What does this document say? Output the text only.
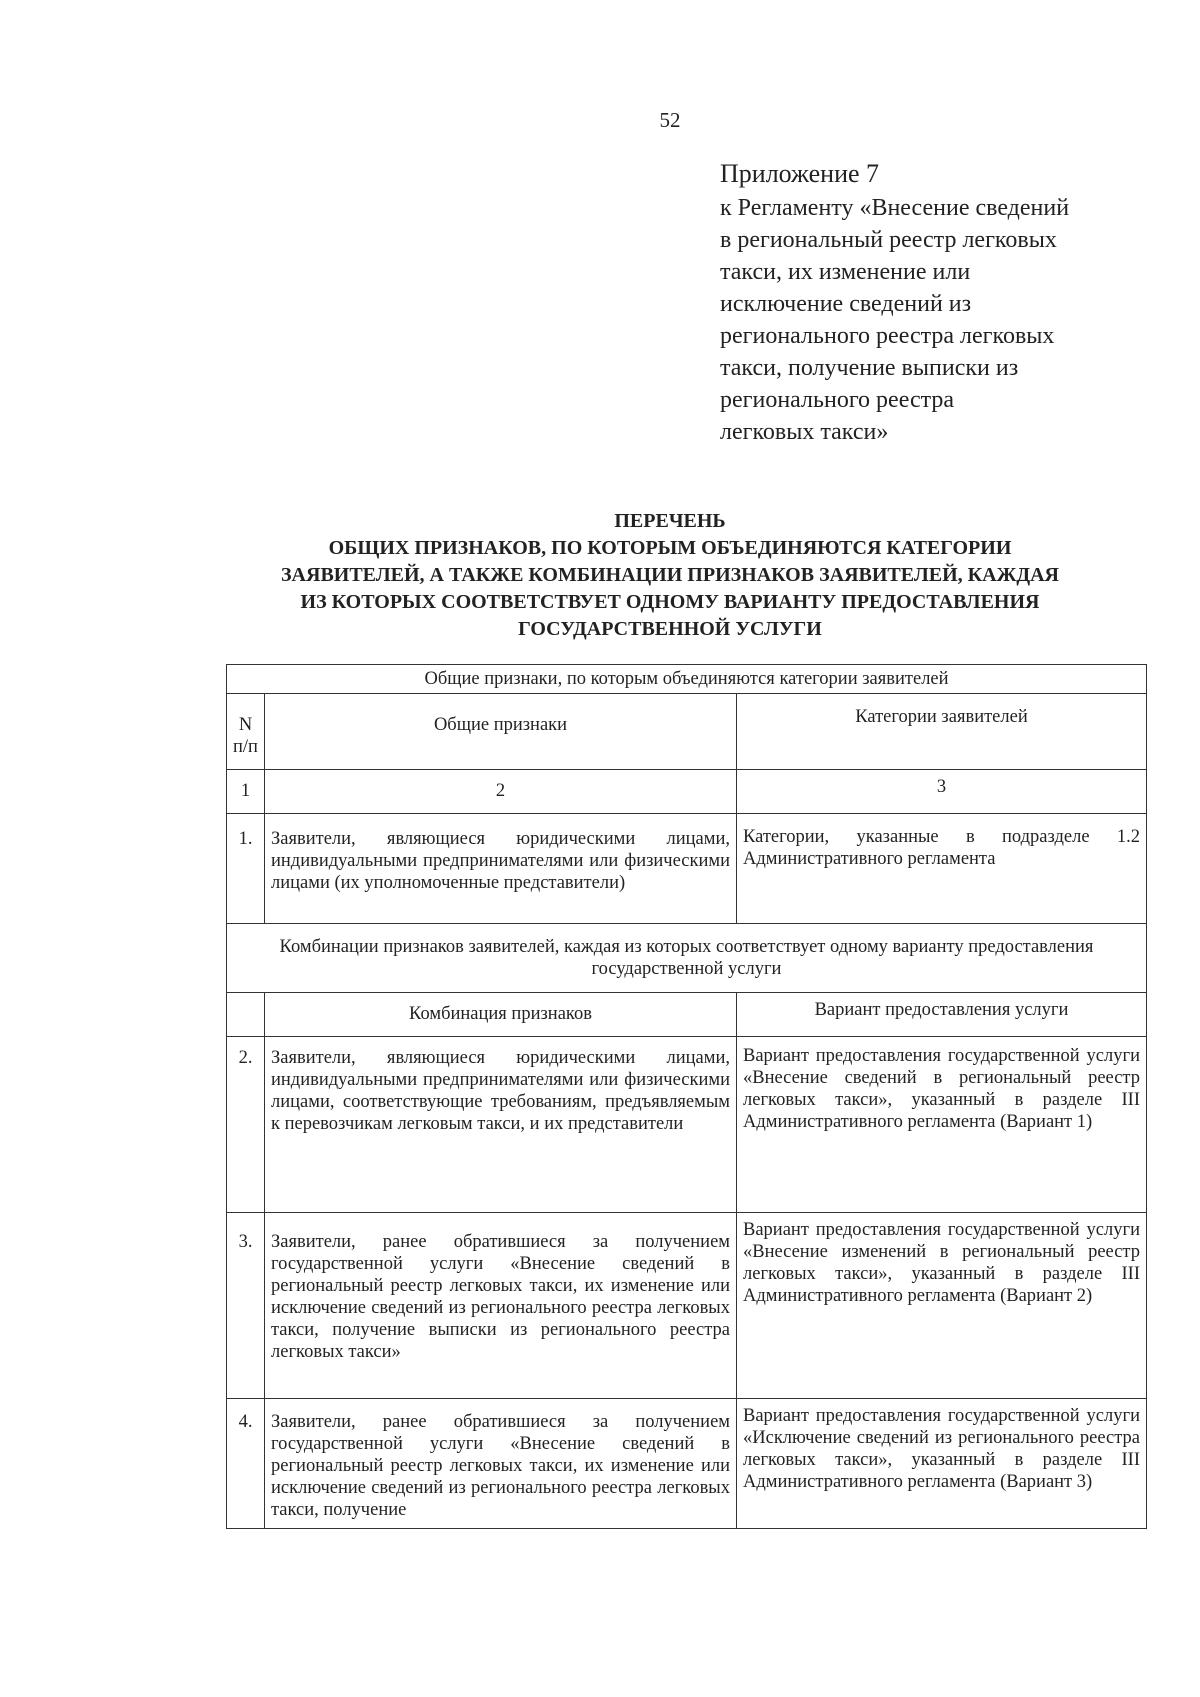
52
Приложение 7
к Регламенту «Внесение сведений
в региональный реестр легковых
такси, их изменение или
исключение сведений из
регионального реестра легковых
такси, получение выписки из
регионального реестра
легковых такси»
ПЕРЕЧЕНЬ
ОБЩИХ ПРИЗНАКОВ, ПО КОТОРЫМ ОБЪЕДИНЯЮТСЯ КАТЕГОРИИ
ЗАЯВИТЕЛЕЙ, А ТАКЖЕ КОМБИНАЦИИ ПРИЗНАКОВ ЗАЯВИТЕЛЕЙ, КАЖДАЯ
ИЗ КОТОРЫХ СООТВЕТСТВУЕТ ОДНОМУ ВАРИАНТУ ПРЕДОСТАВЛЕНИЯ
ГОСУДАРСТВЕННОЙ УСЛУГИ
Общие признаки, по которым объединяются категории заявителей		
N п/п	Общие признаки	Категории заявителей
1	2	3
1.	Заявители, являющиеся юридическими лицами, индивидуальными предпринимателями или физическими лицами (их уполномоченные представители)	Категории, указанные в подразделе 1.2 Административного регламента
Комбинации признаков заявителей, каждая из которых соответствует одному варианту предоставления государственной услуги		
	Комбинация признаков	Вариант предоставления услуги
2.	Заявители, являющиеся юридическими лицами, индивидуальными предпринимателями или физическими лицами, соответствующие требованиям, предъявляемым к перевозчикам легковым такси, и их представители	Вариант предоставления государственной услуги «Внесение сведений в региональный реестр легковых такси», указанный в разделе III Административного регламента (Вариант 1)
3.	Заявители, ранее обратившиеся за получением государственной услуги «Внесение сведений в региональный реестр легковых такси, их изменение или исключение сведений из регионального реестра легковых такси, получение выписки из регионального реестра легковых такси»	Вариант предоставления государственной услуги «Внесение изменений в региональный реестр легковых такси», указанный в разделе III Административного регламента (Вариант 2)
4.	Заявители, ранее обратившиеся за получением государственной услуги «Внесение сведений в региональный реестр легковых такси, их изменение или исключение сведений из регионального реестра легковых такси, получение	Вариант предоставления государственной услуги «Исключение сведений из регионального реестра легковых такси», указанный в разделе III Административного регламента (Вариант 3)
